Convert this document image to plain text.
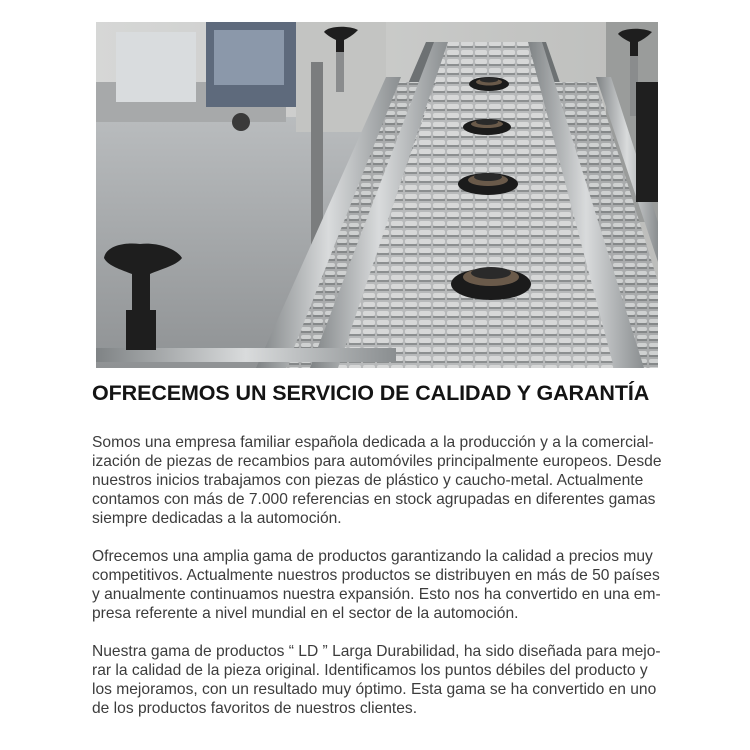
OFRECEMOS UN SERVICIO DE CALIDAD Y GARANTÍA

Somos una empresa familiar española dedicada a la producción y a la comercial-
ización de piezas de recambios para automóviles principalmente europeos. Desde
nuestros inicios trabajamos con piezas de plástico y caucho-metal. Actualmente
contamos con más de 7.000 referencias en stock agrupadas en diferentes gamas
siempre dedicadas a la automoción.

Ofrecemos una amplia gama de productos garantizando la calidad a precios muy
competitivos. Actualmente nuestros productos se distribuyen en más de 50 países
y anualmente continuamos nuestra expansión. Esto nos ha convertido en una em-
presa referente a nivel mundial en el sector de la automoción.

Nuestra gama de productos “ LD ” Larga Durabilidad, ha sido diseñada para mejo-
rar la calidad de la pieza original. Identificamos los puntos débiles del producto y
los mejoramos, con un resultado muy óptimo. Esta gama se ha convertido en uno
de los productos favoritos de nuestros clientes.
